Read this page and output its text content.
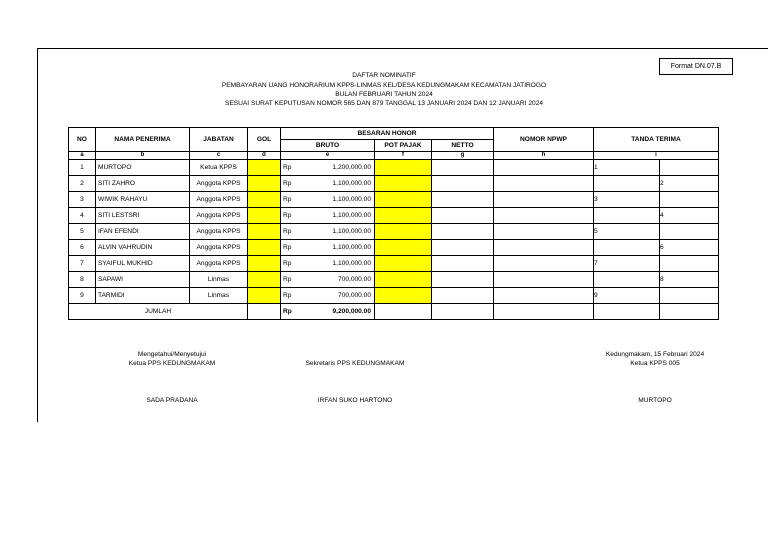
Format DN.07.B
DAFTAR NOMINATIF
PEMBAYARAN UANG HONORARIUM KPPS-LINMAS KEL/DESA KEDUNGMAKAM KECAMATAN JATIROGO
BULAN FEBRUARI TAHUN 2024
SESUAI SURAT KEPUTUSAN NOMOR 565 DAN 879 TANGGAL 13 JANUARI 2024 DAN 12 JANUARI 2024
NO	NAMA PENERIMA	JABATAN	GOL	BESARAN HONOR			NOMOR NPWP	TANDA TERIMA	
				BRUTO	POT PAJAK	NETTO			
a	b	c	d	e	f	g	h	i	
1	MURTOPO	Ketua KPPS		Rp 1,200,000.00				1	
2	SITI ZAHRO	Anggota KPPS		Rp 1,100,000.00					2
3	WIWIK RAHAYU	Anggota KPPS		Rp 1,100,000.00				3	
4	SITI LESTSRI	Anggota KPPS		Rp 1,100,000.00					4
5	IFAN EFENDI	Anggota KPPS		Rp 1,100,000.00				5	
6	ALVIN VAHRUDIN	Anggota KPPS		Rp 1,100,000.00					6
7	SYAIFUL MUKHID	Anggota KPPS		Rp 1,100,000.00				7	
8	SAPAWI	Linmas		Rp 700,000.00					8
9	TARMIDI	Linmas		Rp 700,000.00				9	
JUMLAH				Rp 9,200,000.00					

Mengetahui/Menyetujui
Ketua PPS KEDUNGMAKAM
SADA PRADANA
Sekretaris PPS KEDUNGMAKAM
IRFAN SUKO HARTONO
Kedungmakam, 15 Februari 2024
Ketua KPPS 005
MURTOPO
